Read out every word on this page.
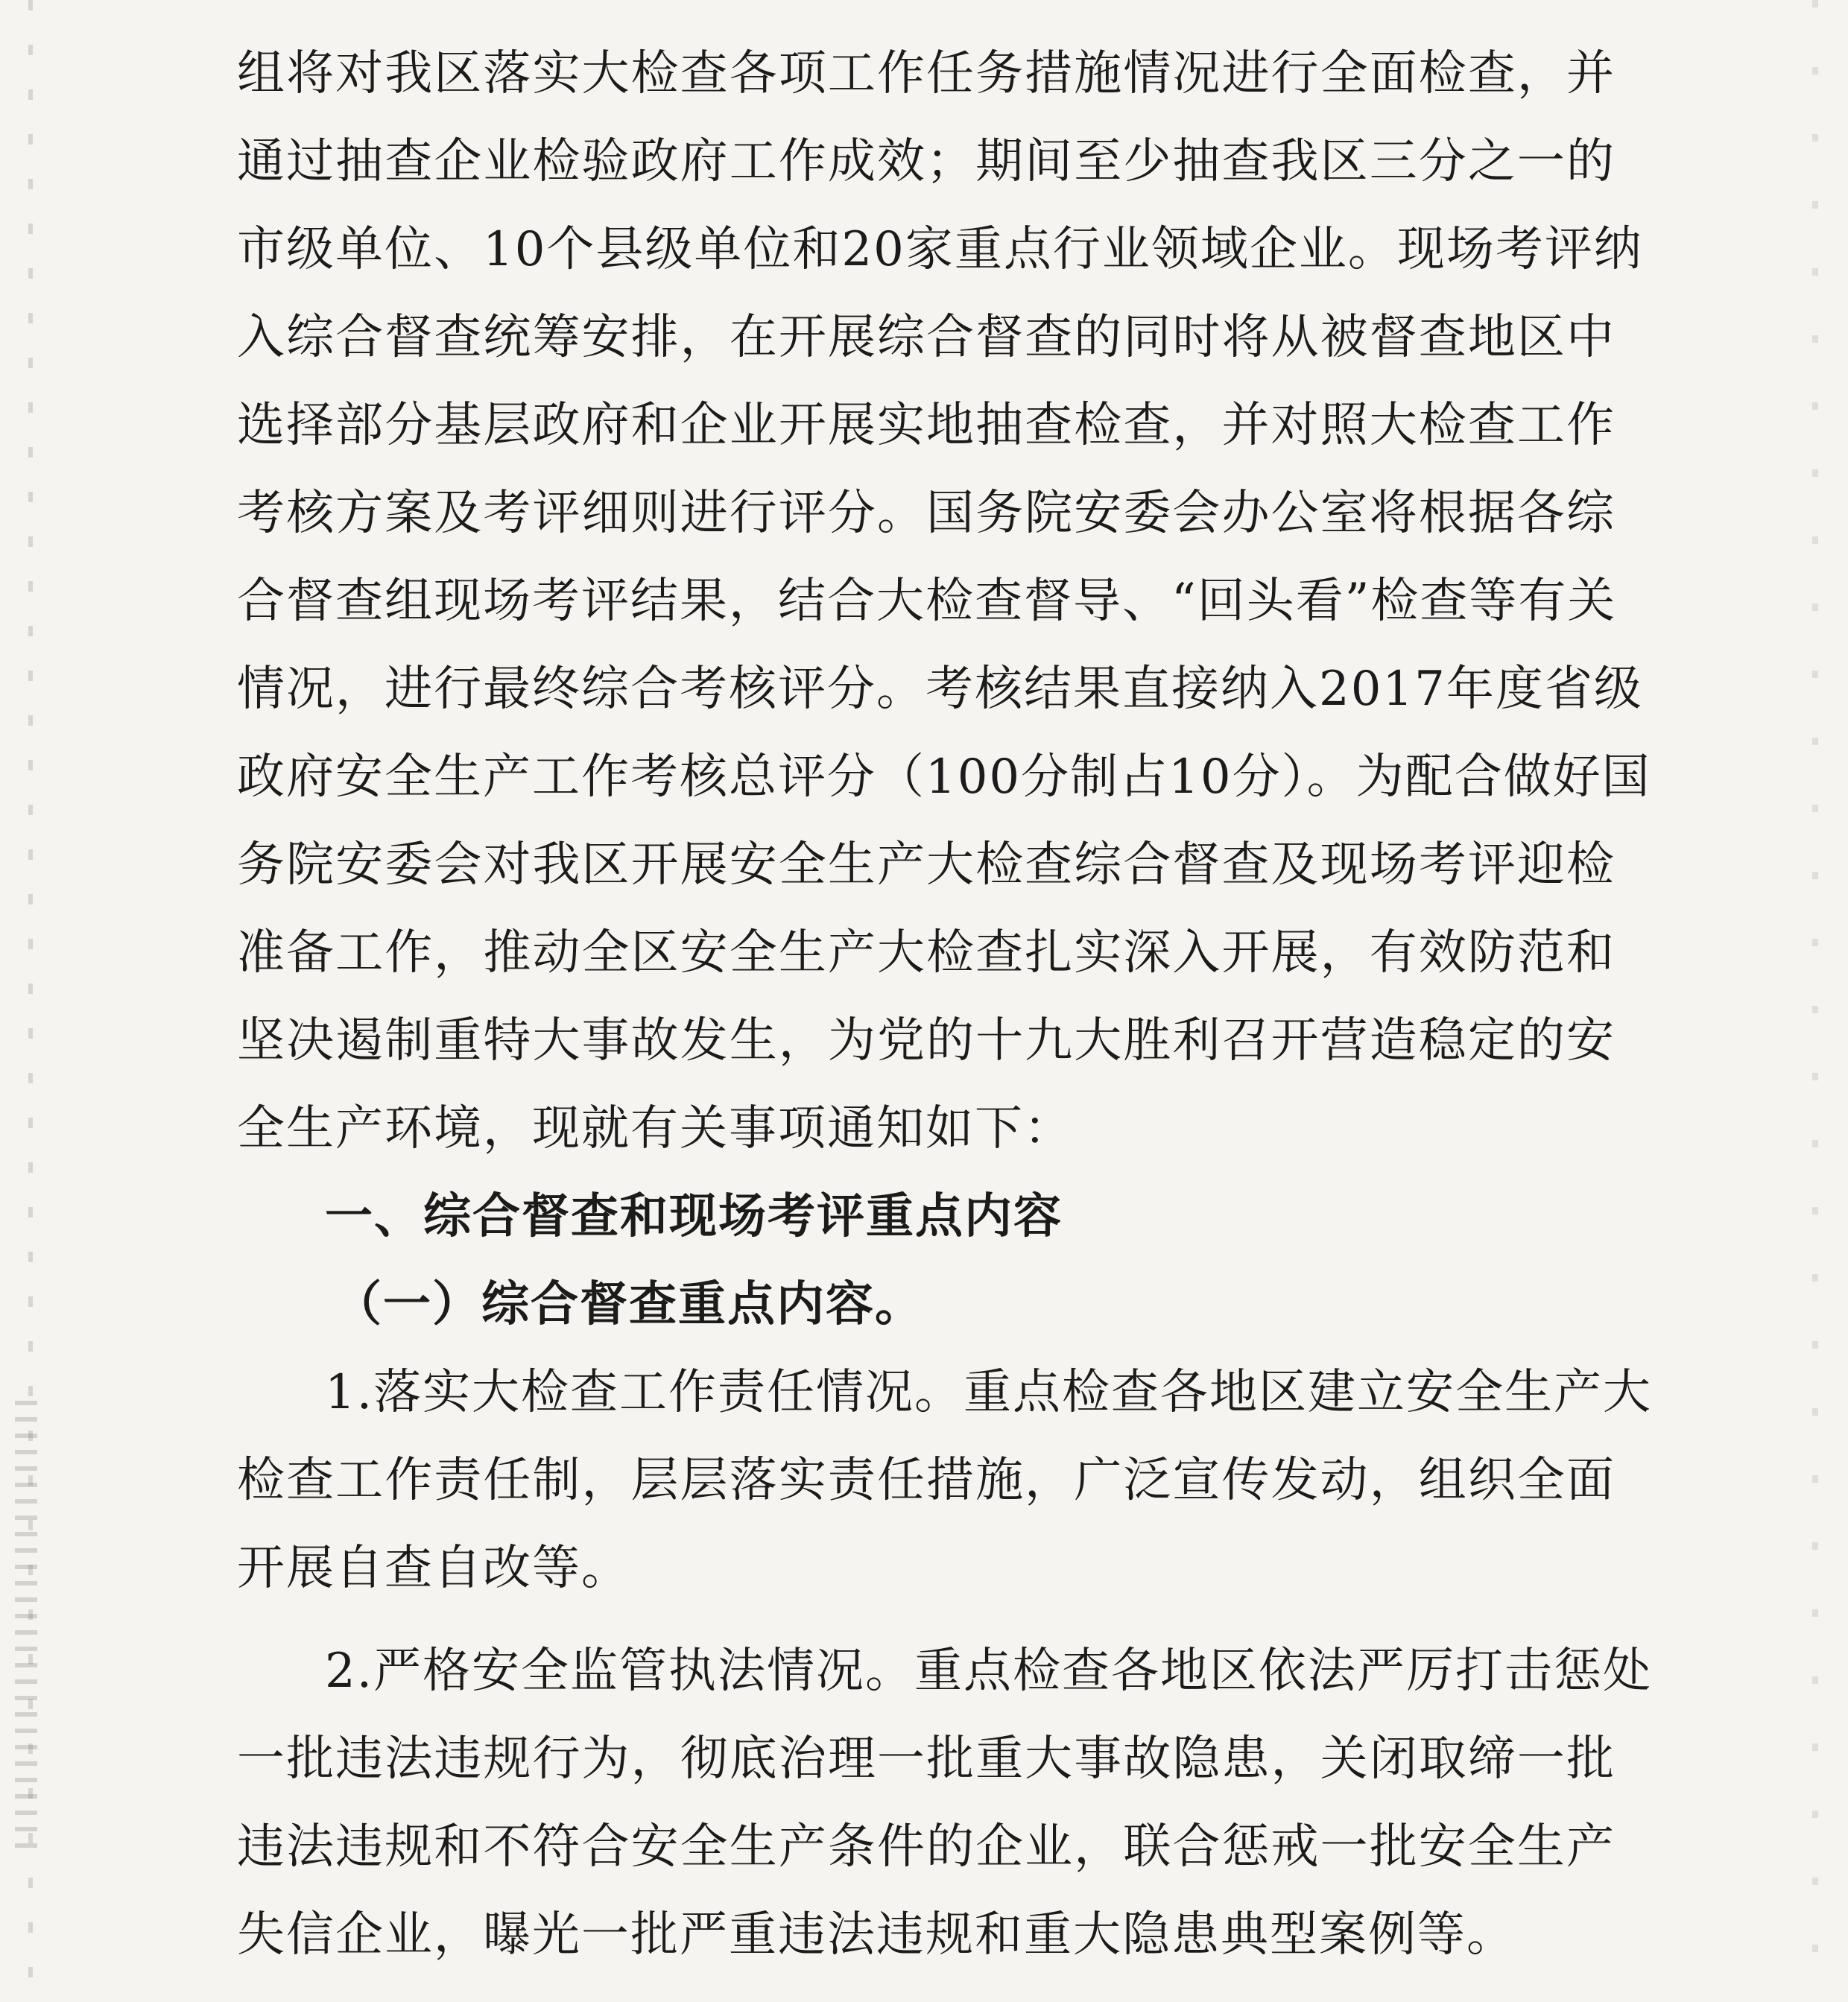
组将对我区落实大检查各项工作任务措施情况进行全面检查，并
通过抽查企业检验政府工作成效；期间至少抽查我区三分之一的
市级单位、10个县级单位和20家重点行业领域企业。现场考评纳
入综合督查统筹安排，在开展综合督查的同时将从被督查地区中
选择部分基层政府和企业开展实地抽查检查，并对照大检查工作
考核方案及考评细则进行评分。国务院安委会办公室将根据各综
合督查组现场考评结果，结合大检查督导、“回头看”检查等有关
情况，进行最终综合考核评分。考核结果直接纳入2017年度省级
政府安全生产工作考核总评分（100分制占10分）。为配合做好国
务院安委会对我区开展安全生产大检查综合督查及现场考评迎检
准备工作，推动全区安全生产大检查扎实深入开展，有效防范和
坚决遏制重特大事故发生，为党的十九大胜利召开营造稳定的安
全生产环境，现就有关事项通知如下：
一、综合督查和现场考评重点内容
（一）综合督查重点内容。
1.落实大检查工作责任情况。重点检查各地区建立安全生产大
检查工作责任制，层层落实责任措施，广泛宣传发动，组织全面
开展自查自改等。
2.严格安全监管执法情况。重点检查各地区依法严厉打击惩处
一批违法违规行为，彻底治理一批重大事故隐患，关闭取缔一批
违法违规和不符合安全生产条件的企业，联合惩戒一批安全生产
失信企业，曝光一批严重违法违规和重大隐患典型案例等。
